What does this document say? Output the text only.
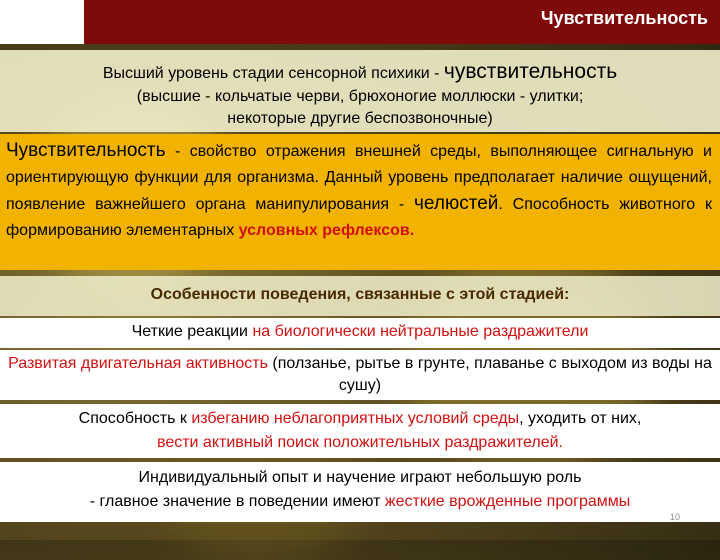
Чувствительность
Высший уровень стадии сенсорной психики - чувствительность
(высшие - кольчатые черви, брюхоногие моллюски - улитки;
некоторые другие беспозвоночные)
Чувствительность - свойство отражения внешней среды, выполняющее сигнальную и ориентирующую функции для организма. Данный уровень предполагает наличие ощущений, появление важнейшего органа манипулирования - челюстей. Способность животного к формированию элементарных условных рефлексов.
Особенности поведения, связанные с этой стадией:
Четкие реакции на биологически нейтральные раздражители
Развитая двигательная активность (ползанье, рытье в грунте, плаванье с выходом из воды на сушу)
Способность к избеганию неблагоприятных условий среды, уходить от них,
вести активный поиск положительных раздражителей.
Индивидуальный опыт и научение играют небольшую роль
- главное значение в поведении имеют жесткие врожденные программы
10
